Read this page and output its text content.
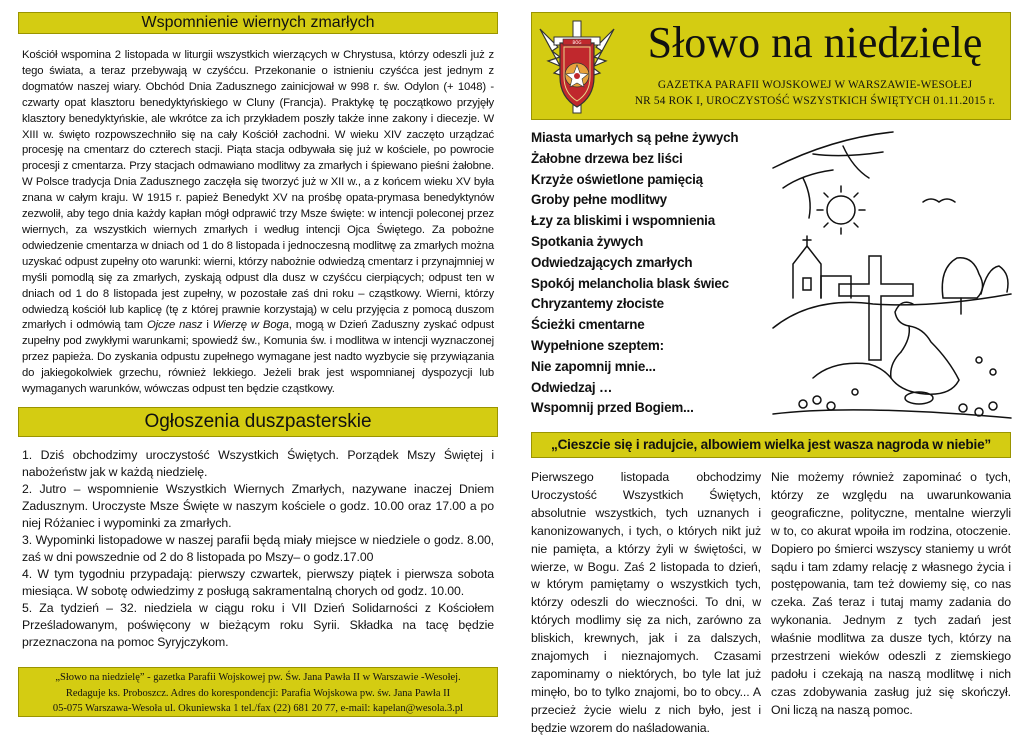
Wspomnienie wiernych zmarłych
Kościół wspomina 2 listopada w liturgii wszystkich wierzących w Chrystusa, którzy odeszli już z tego świata, a teraz przebywają w czyśćcu. Przekonanie o istnieniu czyśćca jest jednym z dogmatów naszej wiary. Obchód Dnia Zadusznego zainicjował w 998 r. św. Odylon (+ 1048) - czwarty opat klasztoru benedyktyńskiego w Cluny (Francja). Praktykę tę początkowo przyjęły klasztory benedyktyńskie, ale wkrótce za ich przykładem poszły także inne zakony i diecezje. W XIII w. święto rozpowszechniło się na cały Kościół zachodni. W wieku XIV zaczęto urządzać procesję na cmentarz do czterech stacji. Piąta stacja odbywała się już w kościele, po powrocie procesji z cmentarza. Przy stacjach odmawiano modlitwy za zmarłych i śpiewano pieśni żałobne. W Polsce tradycja Dnia Zadusznego zaczęła się tworzyć już w XII w., a z końcem wieku XV była znana w całym kraju. W 1915 r. papież Benedykt XV na prośbę opata-prymasa benedyktynów zezwolił, aby tego dnia każdy kapłan mógł odprawić trzy Msze święte: w intencji poleconej przez wiernych, za wszystkich wiernych zmarłych i według intencji Ojca Świętego. Za pobożne odwiedzenie cmentarza w dniach od 1 do 8 listopada i jednoczesną modlitwę za zmarłych można uzyskać odpust zupełny oto warunki: wierni, którzy nabożnie odwiedzą cmentarz i przynajmniej w myśli pomodlą się za zmarłych, zyskają odpust dla dusz w czyśćcu cierpiących; odpust ten w dniach od 1 do 8 listopada jest zupełny, w pozostałe zaś dni roku – cząstkowy. Wierni, którzy odwiedzą kościół lub kaplicę (tę z której prawnie korzystają) w celu przyjęcia z pomocą duszom zmarłych i odmówią tam Ojcze nasz i Wierzę w Boga, mogą w Dzień Zaduszny zyskać odpust zupełny pod zwykłymi warunkami; spowiedź św., Komunia św. i modlitwa w intencji wyznaczonej przez papieża. Do zyskania odpustu zupełnego wymagane jest nadto wyzbycie się przywiązania do jakiegokolwiek grzechu, również lekkiego. Jeżeli brak jest wspomnianej dyspozycji lub wymaganych warunków, wówczas odpust ten będzie cząstkowy.
Ogłoszenia duszpasterskie
1. Dziś obchodzimy uroczystość Wszystkich Świętych. Porządek Mszy Świętej i nabożeństw jak w każdą niedzielę.
2. Jutro – wspomnienie Wszystkich Wiernych Zmarłych, nazywane inaczej Dniem Zadusznym. Uroczyste Msze Święte w naszym kościele o godz. 10.00 oraz 17.00 a po niej Różaniec i wypominki za zmarłych.
3. Wypominki listopadowe w naszej parafii będą miały miejsce w niedziele o godz. 8.00, zaś w dni powszednie od 2 do 8 listopada po Mszy– o godz.17.00
4. W tym tygodniu przypadają: pierwszy czwartek, pierwszy piątek i pierwsza sobota miesiąca. W sobotę odwiedzimy z posługą sakramentalną chorych od godz. 10.00.
5. Za tydzień – 32. niedziela w ciągu roku i VII Dzień Solidarności z Kościołem Prześladowanym, poświęcony w bieżącym roku Syrii. Składka na tacę będzie przeznaczona na pomoc Syryjczykom.
„Słowo na niedzielę” - gazetka Parafii Wojskowej pw. Św. Jana Pawła II w Warszawie -Wesołej.
Redaguje ks. Proboszcz. Adres do korespondencji: Parafia Wojskowa pw. św. Jana Pawła II
05-075 Warszawa-Wesoła ul. Okuniewska 1 tel./fax (22) 681 20 77, e-mail: kapelan@wesola.3.pl
BÓG	Słowo na niedzielę
GAZETKA PARAFII WOJSKOWEJ W WARSZAWIE-WESOŁEJ
NR 54 ROK I, UROCZYSTOŚĆ WSZYSTKICH ŚWIĘTYCH 01.11.2015 r.
Miasta umarłych są pełne żywych
Żałobne drzewa bez liści
Krzyże oświetlone pamięcią
Groby pełne modlitwy
Łzy za bliskimi i wspomnienia
Spotkania żywych
Odwiedzających zmarłych
Spokój melancholia blask świec
Chryzantemy złociste
Ścieżki cmentarne
Wypełnione szeptem:
Nie zapomnij mnie...
Odwiedzaj …
Wspomnij przed Bogiem...
„Cieszcie się i radujcie, albowiem wielka jest wasza nagroda w niebie”
Pierwszego listopada obchodzimy Uroczystość Wszystkich Świętych, absolutnie wszystkich, tych uznanych i kanonizowanych, i tych, o których nikt już nie pamięta, a którzy żyli w świętości, w wierze, w Bogu. Zaś 2 listopada to dzień, w którym pamiętamy o wszystkich tych, którzy odeszli do wieczności. To dni, w których modlimy się za nich, zarówno za bliskich, krewnych, jak i za dalszych, znajomych i nieznajomych. Czasami zapominamy o niektórych, bo tyle lat już minęło, bo to tylko znajomi, bo to obcy... A przecież życie wielu z nich było, jest i będzie wzorem do naśladowania.
Nie możemy również zapominać o tych, którzy ze względu na uwarunkowania geograficzne, polityczne, mentalne wierzyli w to, co akurat wpoiła im rodzina, otoczenie. Dopiero po śmierci wszyscy staniemy u wrót sądu i tam zdamy relację z własnego życia i postępowania, tam też dowiemy się, co nas czeka. Zaś teraz i tutaj mamy zadania do wykonania. Jednym z tych zadań jest właśnie modlitwa za dusze tych, którzy na przestrzeni wieków odeszli z ziemskiego padołu i czekają na naszą modlitwę i nich czas zdobywania zasług już się skończył. Oni liczą na naszą pomoc.
